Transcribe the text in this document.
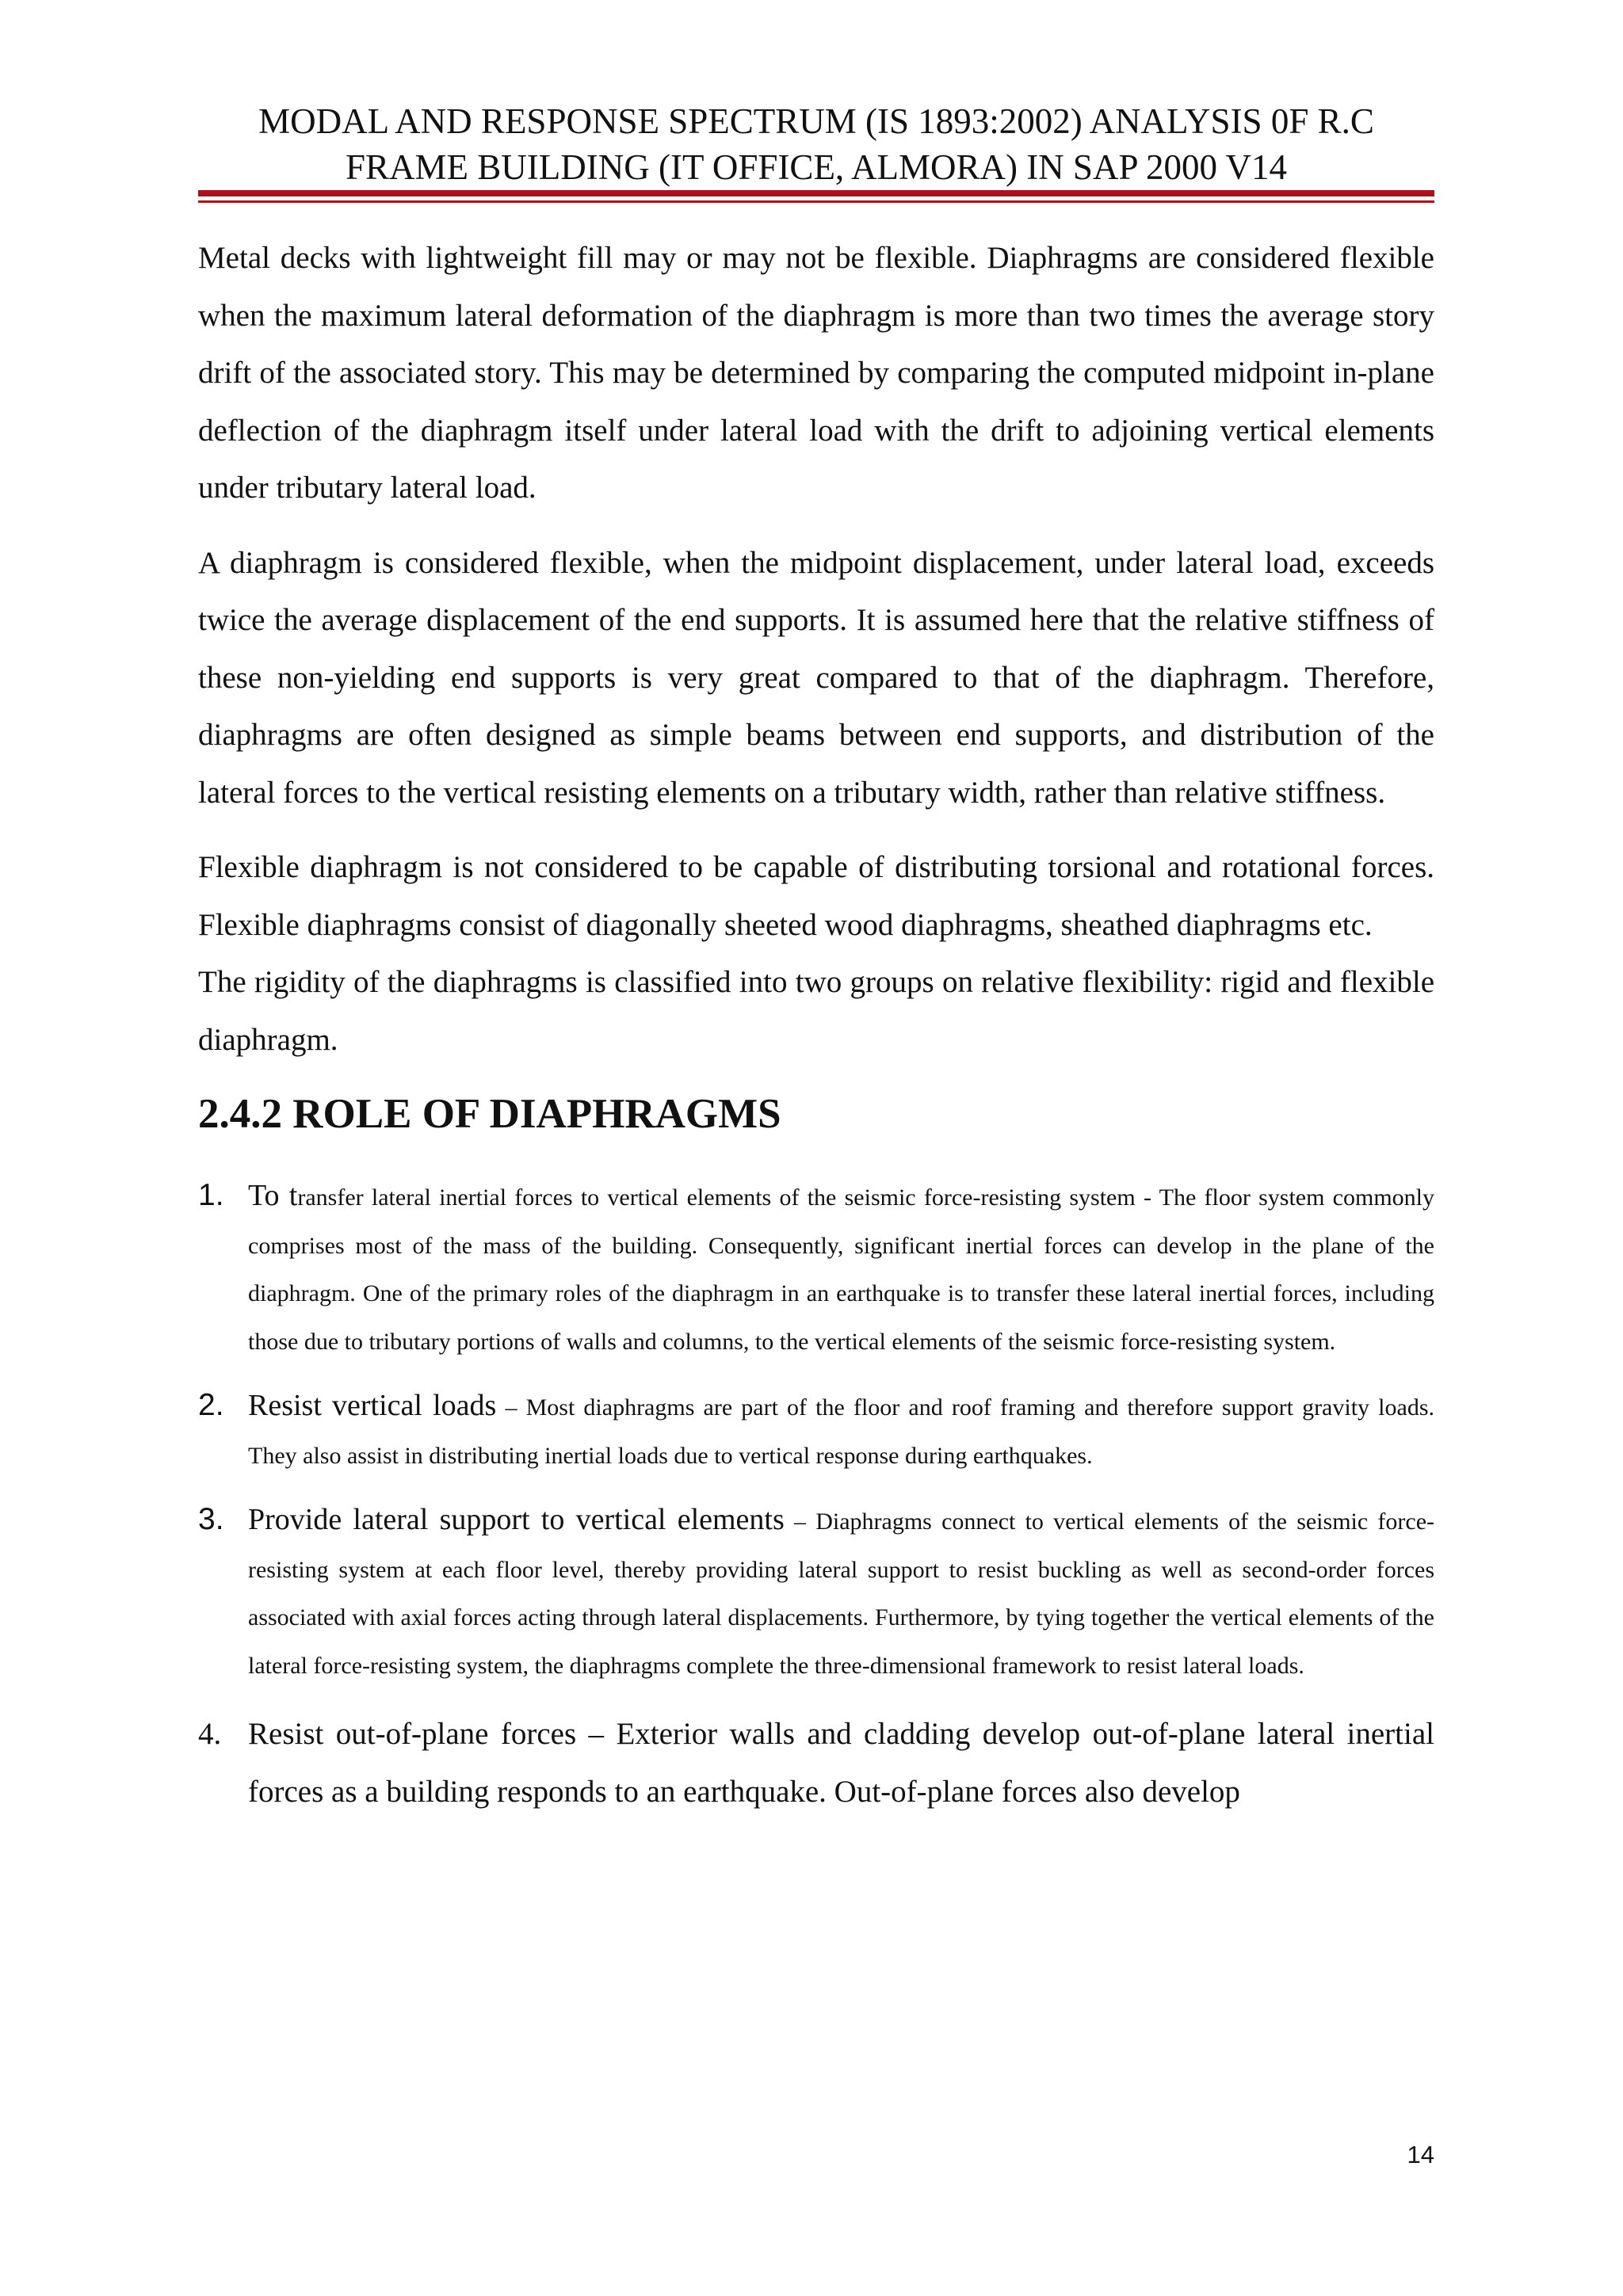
MODAL AND RESPONSE SPECTRUM (IS 1893:2002) ANALYSIS 0F R.C
FRAME BUILDING (IT OFFICE, ALMORA) IN SAP 2000 V14

Metal decks with lightweight fill may or may not be flexible. Diaphragms are considered flexible when the maximum lateral deformation of the diaphragm is more than two times the average story drift of the associated story. This may be determined by comparing the computed midpoint in-plane deflection of the diaphragm itself under lateral load with the drift to adjoining vertical elements under tributary lateral load.

A diaphragm is considered flexible, when the midpoint displacement, under lateral load, exceeds twice the average displacement of the end supports. It is assumed here that the relative stiffness of these non-yielding end supports is very great compared to that of the diaphragm. Therefore, diaphragms are often designed as simple beams between end supports, and distribution of the lateral forces to the vertical resisting elements on a tributary width, rather than relative stiffness.

Flexible diaphragm is not considered to be capable of distributing torsional and rotational forces. Flexible diaphragms consist of diagonally sheeted wood diaphragms, sheathed diaphragms etc.

The rigidity of the diaphragms is classified into two groups on relative flexibility: rigid and flexible diaphragm.

2.4.2 ROLE OF DIAPHRAGMS
1. To transfer lateral inertial forces to vertical elements of the seismic force-resisting system - The floor system commonly comprises most of the mass of the building. Consequently, significant inertial forces can develop in the plane of the diaphragm. One of the primary roles of the diaphragm in an earthquake is to transfer these lateral inertial forces, including those due to tributary portions of walls and columns, to the vertical elements of the seismic force-resisting system.

2. Resist vertical loads – Most diaphragms are part of the floor and roof framing and therefore support gravity loads. They also assist in distributing inertial loads due to vertical response during earthquakes.

3. Provide lateral support to vertical elements – Diaphragms connect to vertical elements of the seismic force-resisting system at each floor level, thereby providing lateral support to resist buckling as well as second-order forces associated with axial forces acting through lateral displacements. Furthermore, by tying together the vertical elements of the lateral force-resisting system, the diaphragms complete the three-dimensional framework to resist lateral loads.

4. Resist out-of-plane forces – Exterior walls and cladding develop out-of-plane lateral inertial forces as a building responds to an earthquake. Out-of-plane forces also develop

14
